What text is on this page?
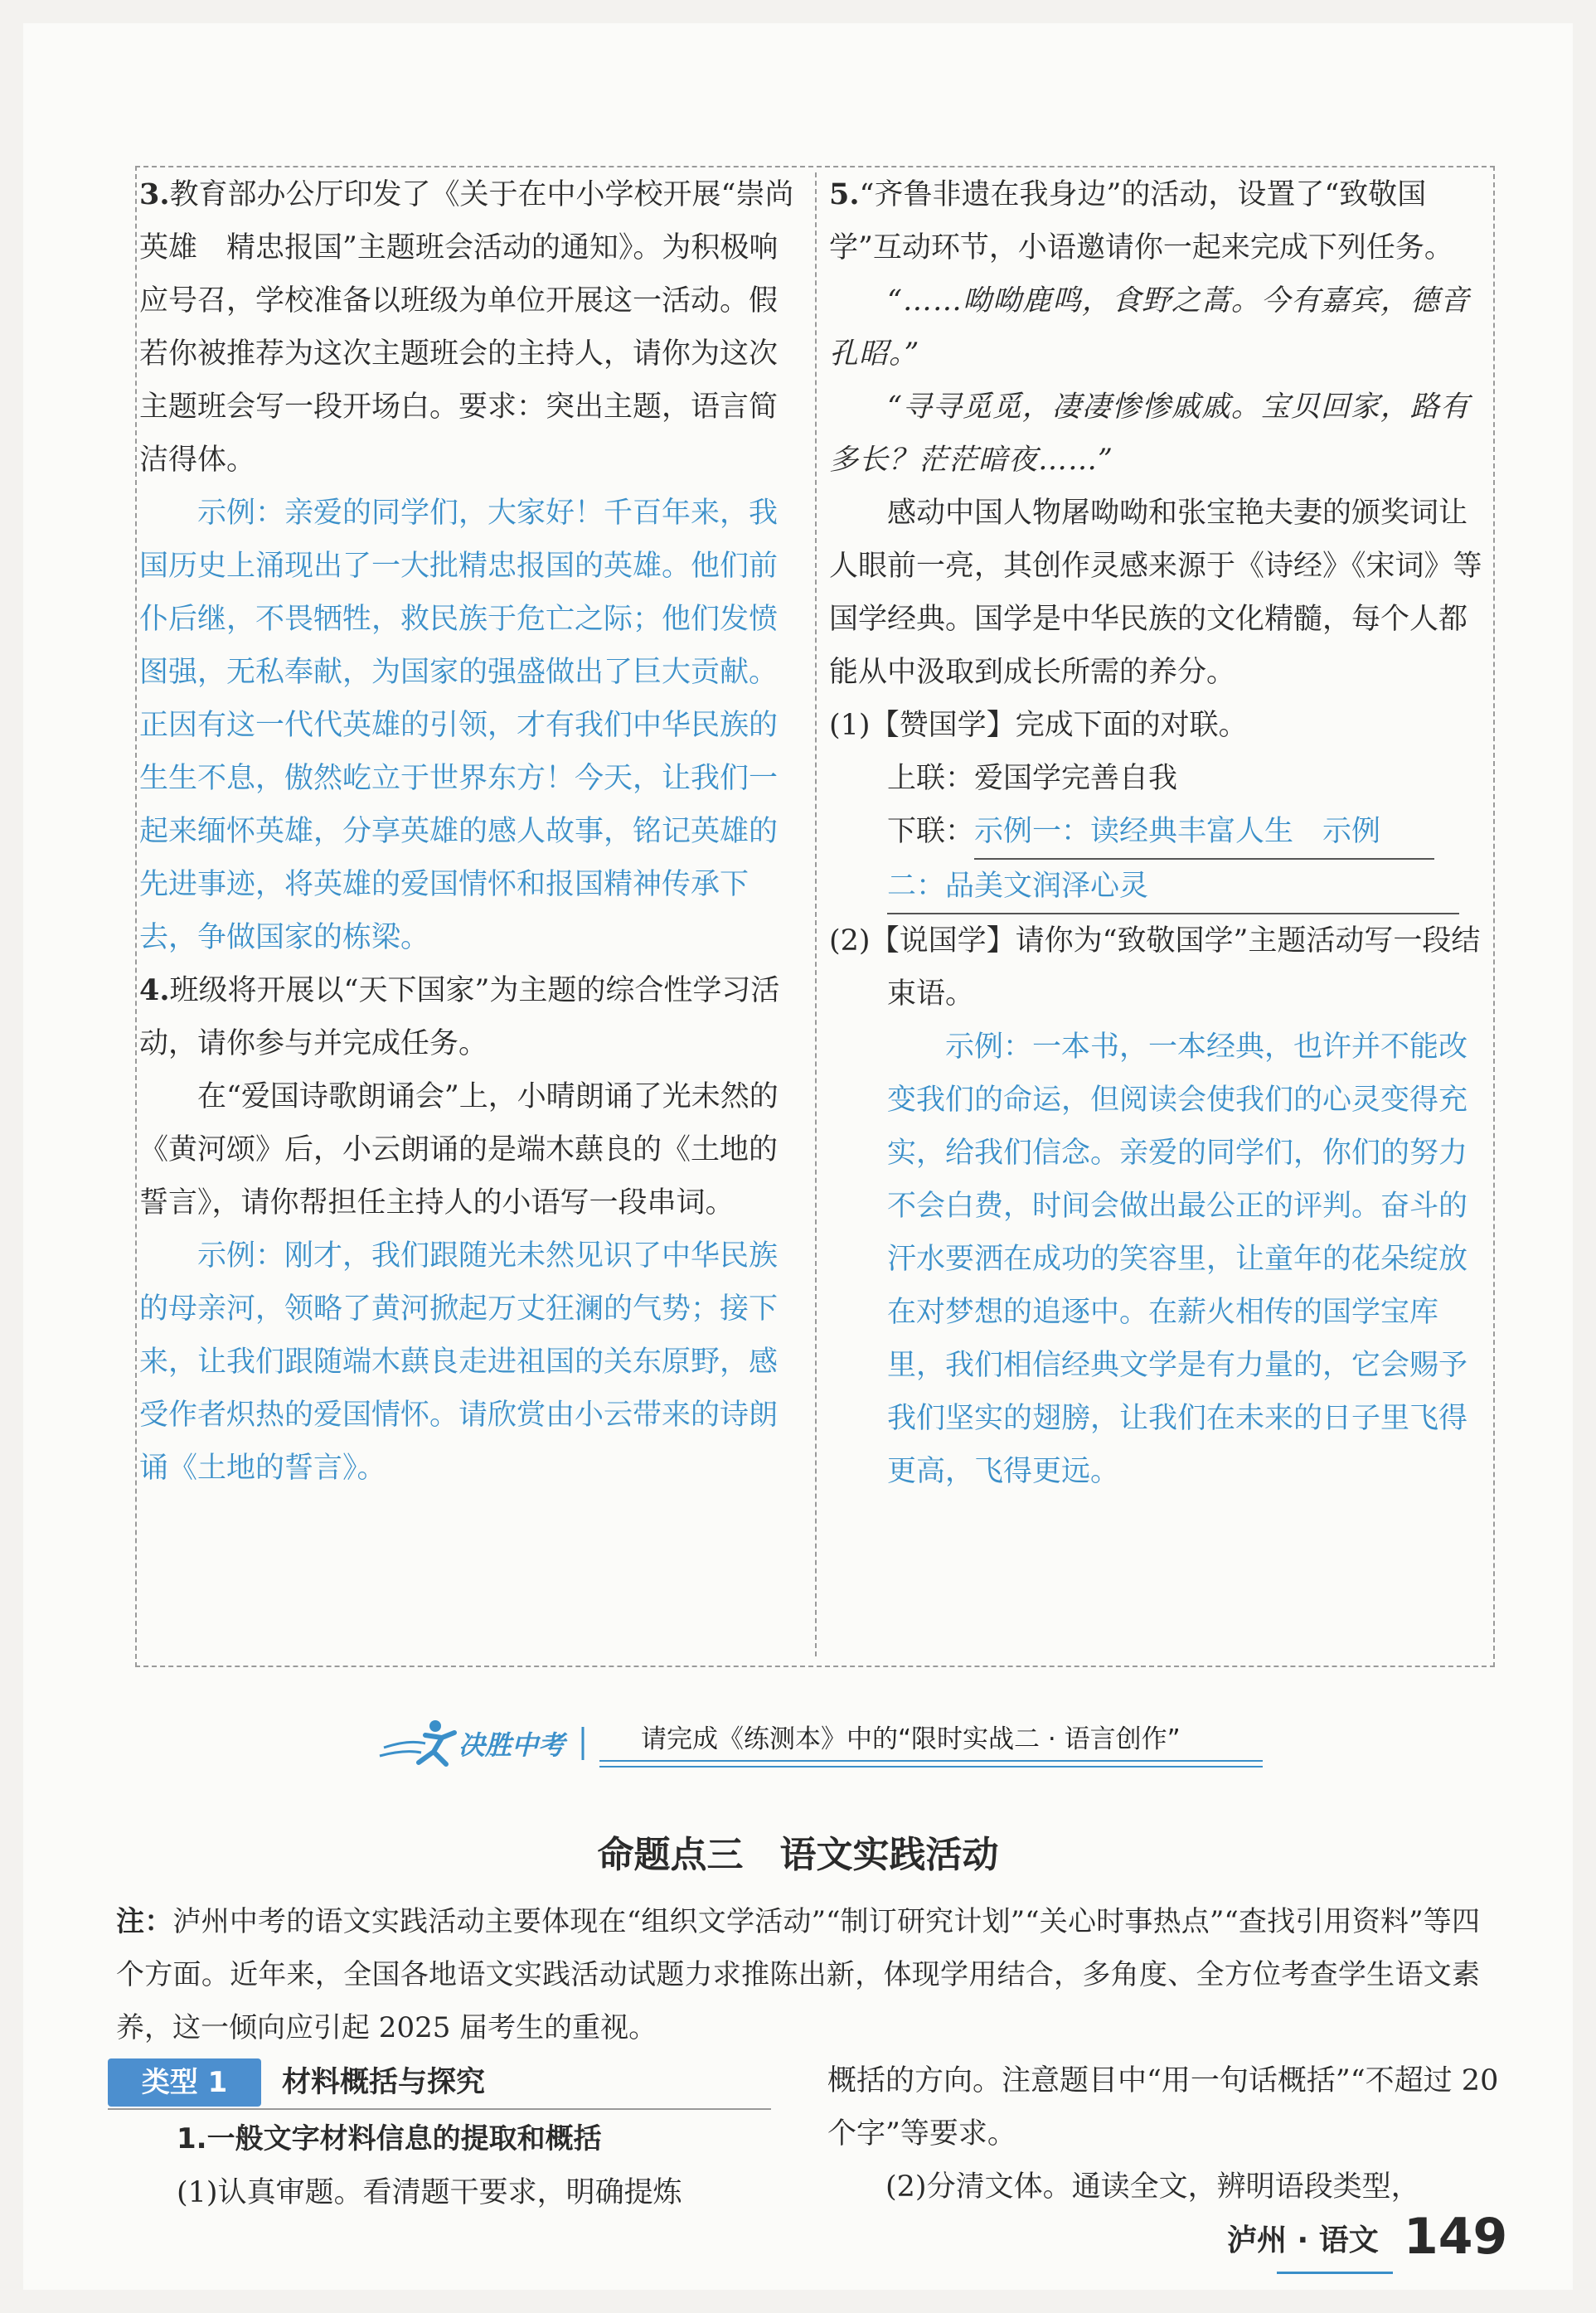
3.教育部办公厅印发了《关于在中小学校开展“崇尚英雄　精忠报国”主题班会活动的通知》。为积极响应号召，学校准备以班级为单位开展这一活动。假若你被推荐为这次主题班会的主持人，请你为这次主题班会写一段开场白。要求：突出主题，语言简洁得体。

示例：亲爱的同学们，大家好！千百年来，我国历史上涌现出了一大批精忠报国的英雄。他们前仆后继，不畏牺牲，救民族于危亡之际；他们发愤图强，无私奉献，为国家的强盛做出了巨大贡献。正因有这一代代英雄的引领，才有我们中华民族的生生不息，傲然屹立于世界东方！今天，让我们一起来缅怀英雄，分享英雄的感人故事，铭记英雄的先进事迹，将英雄的爱国情怀和报国精神传承下去，争做国家的栋梁。

4.班级将开展以“天下国家”为主题的综合性学习活动，请你参与并完成任务。

在“爱国诗歌朗诵会”上，小晴朗诵了光未然的《黄河颂》后，小云朗诵的是端木蕻良的《土地的誓言》，请你帮担任主持人的小语写一段串词。

示例：刚才，我们跟随光未然见识了中华民族的母亲河，领略了黄河掀起万丈狂澜的气势；接下来，让我们跟随端木蕻良走进祖国的关东原野，感受作者炽热的爱国情怀。请欣赏由小云带来的诗朗诵《土地的誓言》。

5.“齐鲁非遗在我身边”的活动，设置了“致敬国学”互动环节，小语邀请你一起来完成下列任务。

“……呦呦鹿鸣，食野之蒿。今有嘉宾，德音孔昭。”

“寻寻觅觅，凄凄惨惨戚戚。宝贝回家，路有多长？茫茫暗夜……”

感动中国人物屠呦呦和张宝艳夫妻的颁奖词让人眼前一亮，其创作灵感来源于《诗经》《宋词》等国学经典。国学是中华民族的文化精髓，每个人都能从中汲取到成长所需的养分。

(1)【赞国学】完成下面的对联。

上联：爱国学完善自我

下联：示例一：读经典丰富人生　示例

二：品美文润泽心灵

(2)【说国学】请你为“致敬国学”主题活动写一段结束语。

示例：一本书，一本经典，也许并不能改变我们的命运，但阅读会使我们的心灵变得充实，给我们信念。亲爱的同学们，你们的努力不会白费，时间会做出最公正的评判。奋斗的汗水要洒在成功的笑容里，让童年的花朵绽放在对梦想的追逐中。在薪火相传的国学宝库里，我们相信经典文学是有力量的，它会赐予我们坚实的翅膀，让我们在未来的日子里飞得更高，飞得更远。

决胜中考	请完成《练测本》中的“限时实战二 · 语言创作”
命题点三　语文实践活动
注：泸州中考的语文实践活动主要体现在“组织文学活动”“制订研究计划”“关心时事热点”“查找引用资料”等四个方面。近年来，全国各地语文实践活动试题力求推陈出新，体现学用结合，多角度、全方位考查学生语文素养，这一倾向应引起 2025 届考生的重视。
类型 1	材料概括与探究
1.一般文字材料信息的提取和概括
(1)认真审题。看清题干要求，明确提炼
概括的方向。注意题目中“用一句话概括”“不超过 20 个字”等要求。
(2)分清文体。通读全文，辨明语段类型，
泸州 · 语文 149
